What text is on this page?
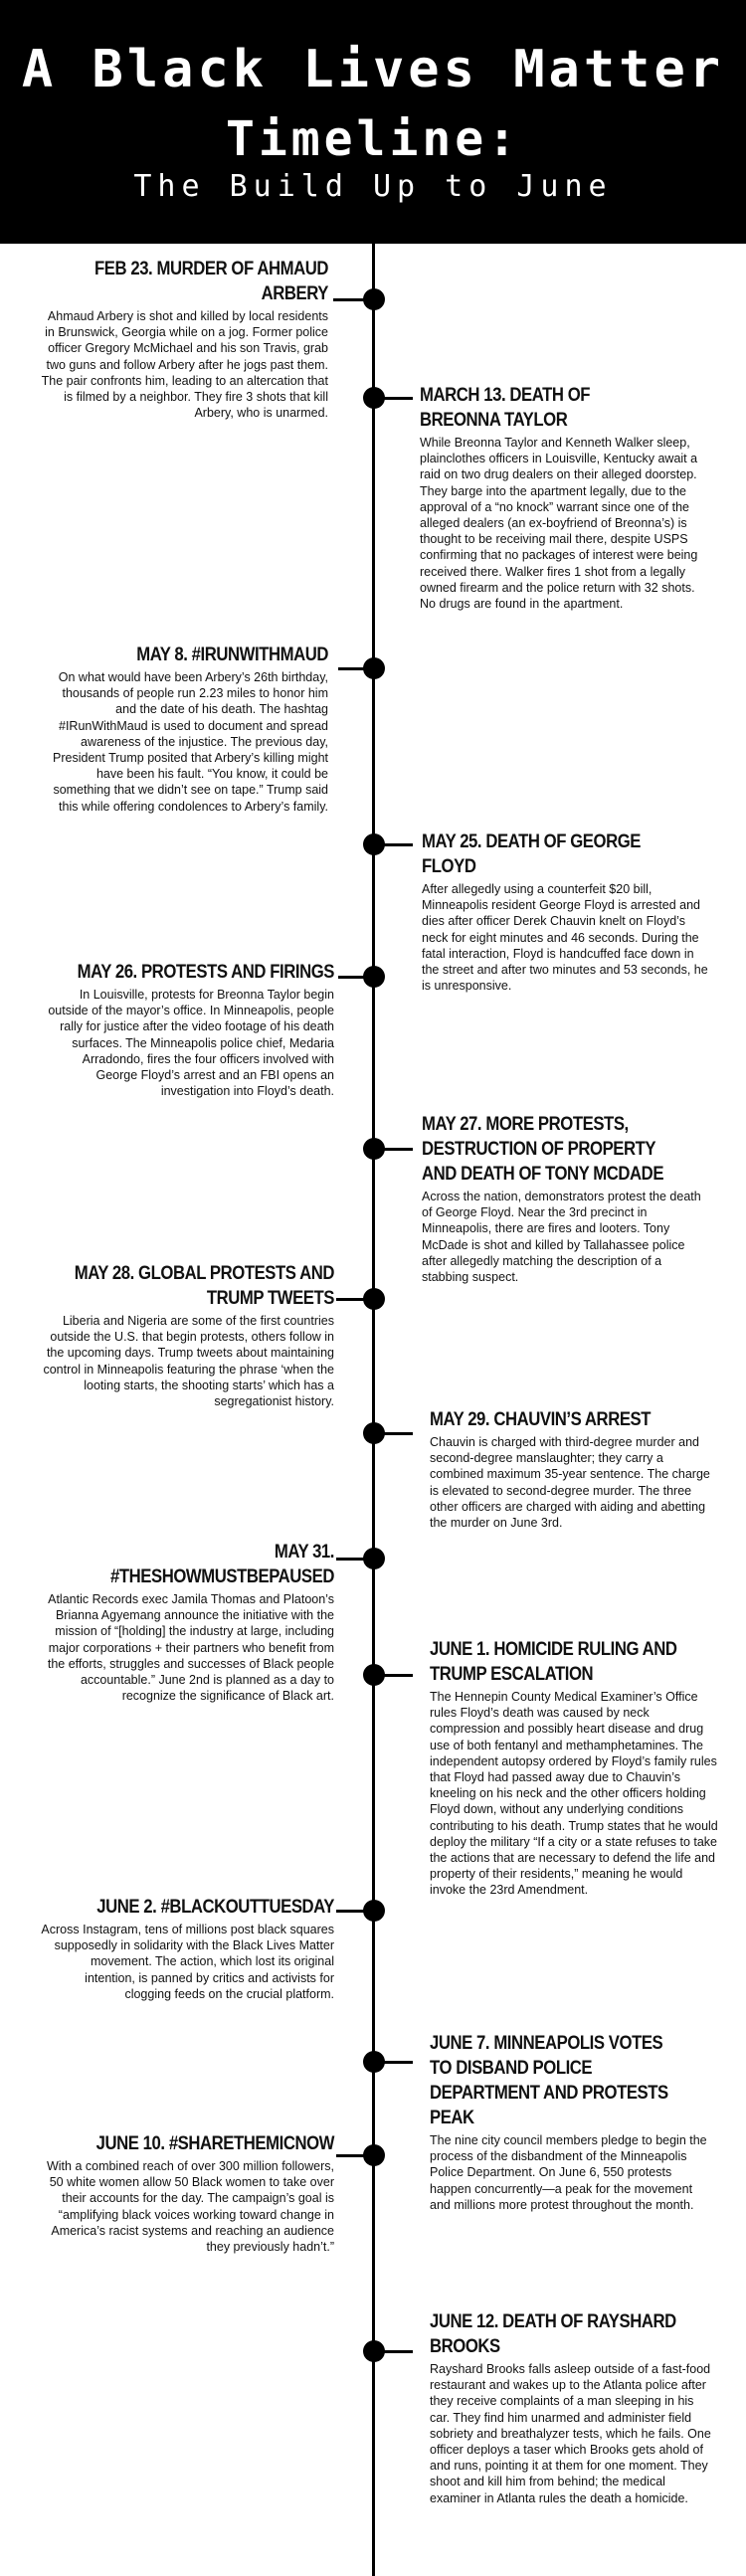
A Black Lives Matter
Timeline:
The Build Up to June
FEB 23. MURDER OF AHMAUD ARBERY

Ahmaud Arbery is shot and killed by local residents in Brunswick, Georgia while on a jog. Former police officer Gregory McMichael and his son Travis, grab two guns and follow Arbery after he jogs past them. The pair confronts him, leading to an altercation that is filmed by a neighbor. They fire 3 shots that kill Arbery, who is unarmed.

MARCH 13. DEATH OF BREONNA TAYLOR

While Breonna Taylor and Kenneth Walker sleep, plainclothes officers in Louisville, Kentucky await a raid on two drug dealers on their alleged doorstep. They barge into the apartment legally, due to the approval of a “no knock” warrant since one of the alleged dealers (an ex-boyfriend of Breonna’s) is thought to be receiving mail there, despite USPS confirming that no packages of interest were being received there. Walker fires 1 shot from a legally owned firearm and the police return with 32 shots. No drugs are found in the apartment.

MAY 8. #IRUNWITHMAUD

On what would have been Arbery’s 26th birthday, thousands of people run 2.23 miles to honor him and the date of his death. The hashtag #IRunWithMaud is used to document and spread awareness of the injustice. The previous day, President Trump posited that Arbery’s killing might have been his fault. “You know, it could be something that we didn’t see on tape.” Trump said this while offering condolences to Arbery’s family.

MAY 25. DEATH OF GEORGE FLOYD

After allegedly using a counterfeit $20 bill, Minneapolis resident George Floyd is arrested and dies after officer Derek Chauvin knelt on Floyd’s neck for eight minutes and 46 seconds. During the fatal interaction, Floyd is handcuffed face down in the street and after two minutes and 53 seconds, he is unresponsive.

MAY 26. PROTESTS AND FIRINGS

In Louisville, protests for Breonna Taylor begin outside of the mayor’s office. In Minneapolis, people rally for justice after the video footage of his death surfaces. The Minneapolis police chief, Medaria Arradondo, fires the four officers involved with George Floyd’s arrest and an FBI opens an investigation into Floyd’s death.

MAY 27. MORE PROTESTS, DESTRUCTION OF PROPERTY AND DEATH OF TONY MCDADE

Across the nation, demonstrators protest the death of George Floyd. Near the 3rd precinct in Minneapolis, there are fires and looters. Tony McDade is shot and killed by Tallahassee police after allegedly matching the description of a stabbing suspect.

MAY 28. GLOBAL PROTESTS AND TRUMP TWEETS

Liberia and Nigeria are some of the first countries outside the U.S. that begin protests, others follow in the upcoming days. Trump tweets about maintaining control in Minneapolis featuring the phrase ‘when the looting starts, the shooting starts’ which has a segregationist history.

MAY 29. CHAUVIN’S ARREST

Chauvin is charged with third-degree murder and second-degree manslaughter; they carry a combined maximum 35-year sentence. The charge is elevated to second-degree murder. The three other officers are charged with aiding and abetting the murder on June 3rd.

MAY 31. #THESHOWMUSTBEPAUSED

Atlantic Records exec Jamila Thomas and Platoon’s Brianna Agyemang announce the initiative with the mission of “[holding] the industry at large, including major corporations + their partners who benefit from the efforts, struggles and successes of Black people accountable.” June 2nd is planned as a day to recognize the significance of Black art.

JUNE 1. HOMICIDE RULING AND TRUMP ESCALATION

The Hennepin County Medical Examiner’s Office rules Floyd’s death was caused by neck compression and possibly heart disease and drug use of both fentanyl and methamphetamines. The independent autopsy ordered by Floyd’s family rules that Floyd had passed away due to Chauvin’s kneeling on his neck and the other officers holding Floyd down, without any underlying conditions contributing to his death. Trump states that he would deploy the military “If a city or a state refuses to take the actions that are necessary to defend the life and property of their residents,” meaning he would invoke the 23rd Amendment.

JUNE 2. #BLACKOUTTUESDAY

Across Instagram, tens of millions post black squares supposedly in solidarity with the Black Lives Matter movement. The action, which lost its original intention, is panned by critics and activists for clogging feeds on the crucial platform.

JUNE 7. MINNEAPOLIS VOTES TO DISBAND POLICE DEPARTMENT AND PROTESTS PEAK

The nine city council members pledge to begin the process of the disbandment of the Minneapolis Police Department. On June 6, 550 protests happen concurrently—a peak for the movement and millions more protest throughout the month.

JUNE 10. #SHARETHEMICNOW

With a combined reach of over 300 million followers, 50 white women allow 50 Black women to take over their accounts for the day. The campaign’s goal is “amplifying black voices working toward change in America’s racist systems and reaching an audience they previously hadn’t.”

JUNE 12. DEATH OF RAYSHARD BROOKS

Rayshard Brooks falls asleep outside of a fast-food restaurant and wakes up to the Atlanta police after they receive complaints of a man sleeping in his car. They find him unarmed and administer field sobriety and breathalyzer tests, which he fails. One officer deploys a taser which Brooks gets ahold of and runs, pointing it at them for one moment. They shoot and kill him from behind; the medical examiner in Atlanta rules the death a homicide.
